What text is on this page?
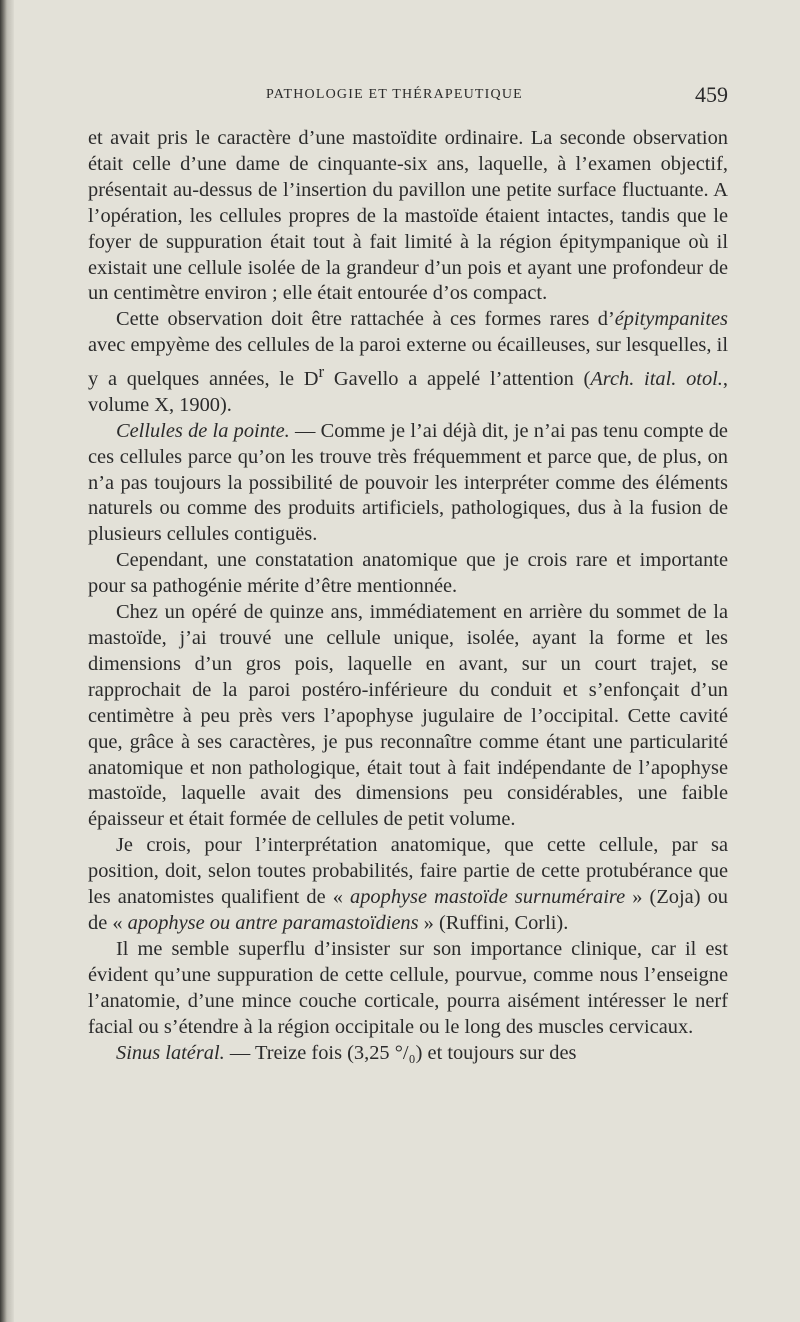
PATHOLOGIE ET THÉRAPEUTIQUE	459

et avait pris le caractère d’une mastoïdite ordinaire. La seconde observation était celle d’une dame de cinquante-six ans, laquelle, à l’examen objectif, présentait au-dessus de l’insertion du pavillon une petite surface fluctuante. A l’opération, les cellules propres de la mastoïde étaient intactes, tandis que le foyer de suppuration était tout à fait limité à la région épitympanique où il existait une cellule isolée de la grandeur d’un pois et ayant une profondeur de un centimètre environ ; elle était entourée d’os compact.

Cette observation doit être rattachée à ces formes rares d’épitympanites avec empyème des cellules de la paroi externe ou écailleuses, sur lesquelles, il y a quelques années, le $D^r$ Gavello a appelé l’attention (Arch. ital. otol., volume X, 1900).

Cellules de la pointe. — Comme je l’ai déjà dit, je n’ai pas tenu compte de ces cellules parce qu’on les trouve très fréquemment et parce que, de plus, on n’a pas toujours la possibilité de pouvoir les interpréter comme des éléments naturels ou comme des produits artificiels, pathologiques, dus à la fusion de plusieurs cellules contiguës.

Cependant, une constatation anatomique que je crois rare et importante pour sa pathogénie mérite d’être mentionnée.

Chez un opéré de quinze ans, immédiatement en arrière du sommet de la mastoïde, j’ai trouvé une cellule unique, isolée, ayant la forme et les dimensions d’un gros pois, laquelle en avant, sur un court trajet, se rapprochait de la paroi postéro-inférieure du conduit et s’enfonçait d’un centimètre à peu près vers l’apophyse jugulaire de l’occipital. Cette cavité que, grâce à ses caractères, je pus reconnaître comme étant une particularité anatomique et non pathologique, était tout à fait indépendante de l’apophyse mastoïde, laquelle avait des dimensions peu considérables, une faible épaisseur et était formée de cellules de petit volume.

Je crois, pour l’interprétation anatomique, que cette cellule, par sa position, doit, selon toutes probabilités, faire partie de cette protubérance que les anatomistes qualifient de « apophyse mastoïde surnuméraire » (Zoja) ou de « apophyse ou antre paramastoïdiens » (Ruffini, Corli).

Il me semble superflu d’insister sur son importance clinique, car il est évident qu’une suppuration de cette cellule, pourvue, comme nous l’enseigne l’anatomie, d’une mince couche corticale, pourra aisément intéresser le nerf facial ou s’étendre à la région occipitale ou le long des muscles cervicaux.

Sinus latéral. — Treize fois (3,25 °/₀) et toujours sur des
